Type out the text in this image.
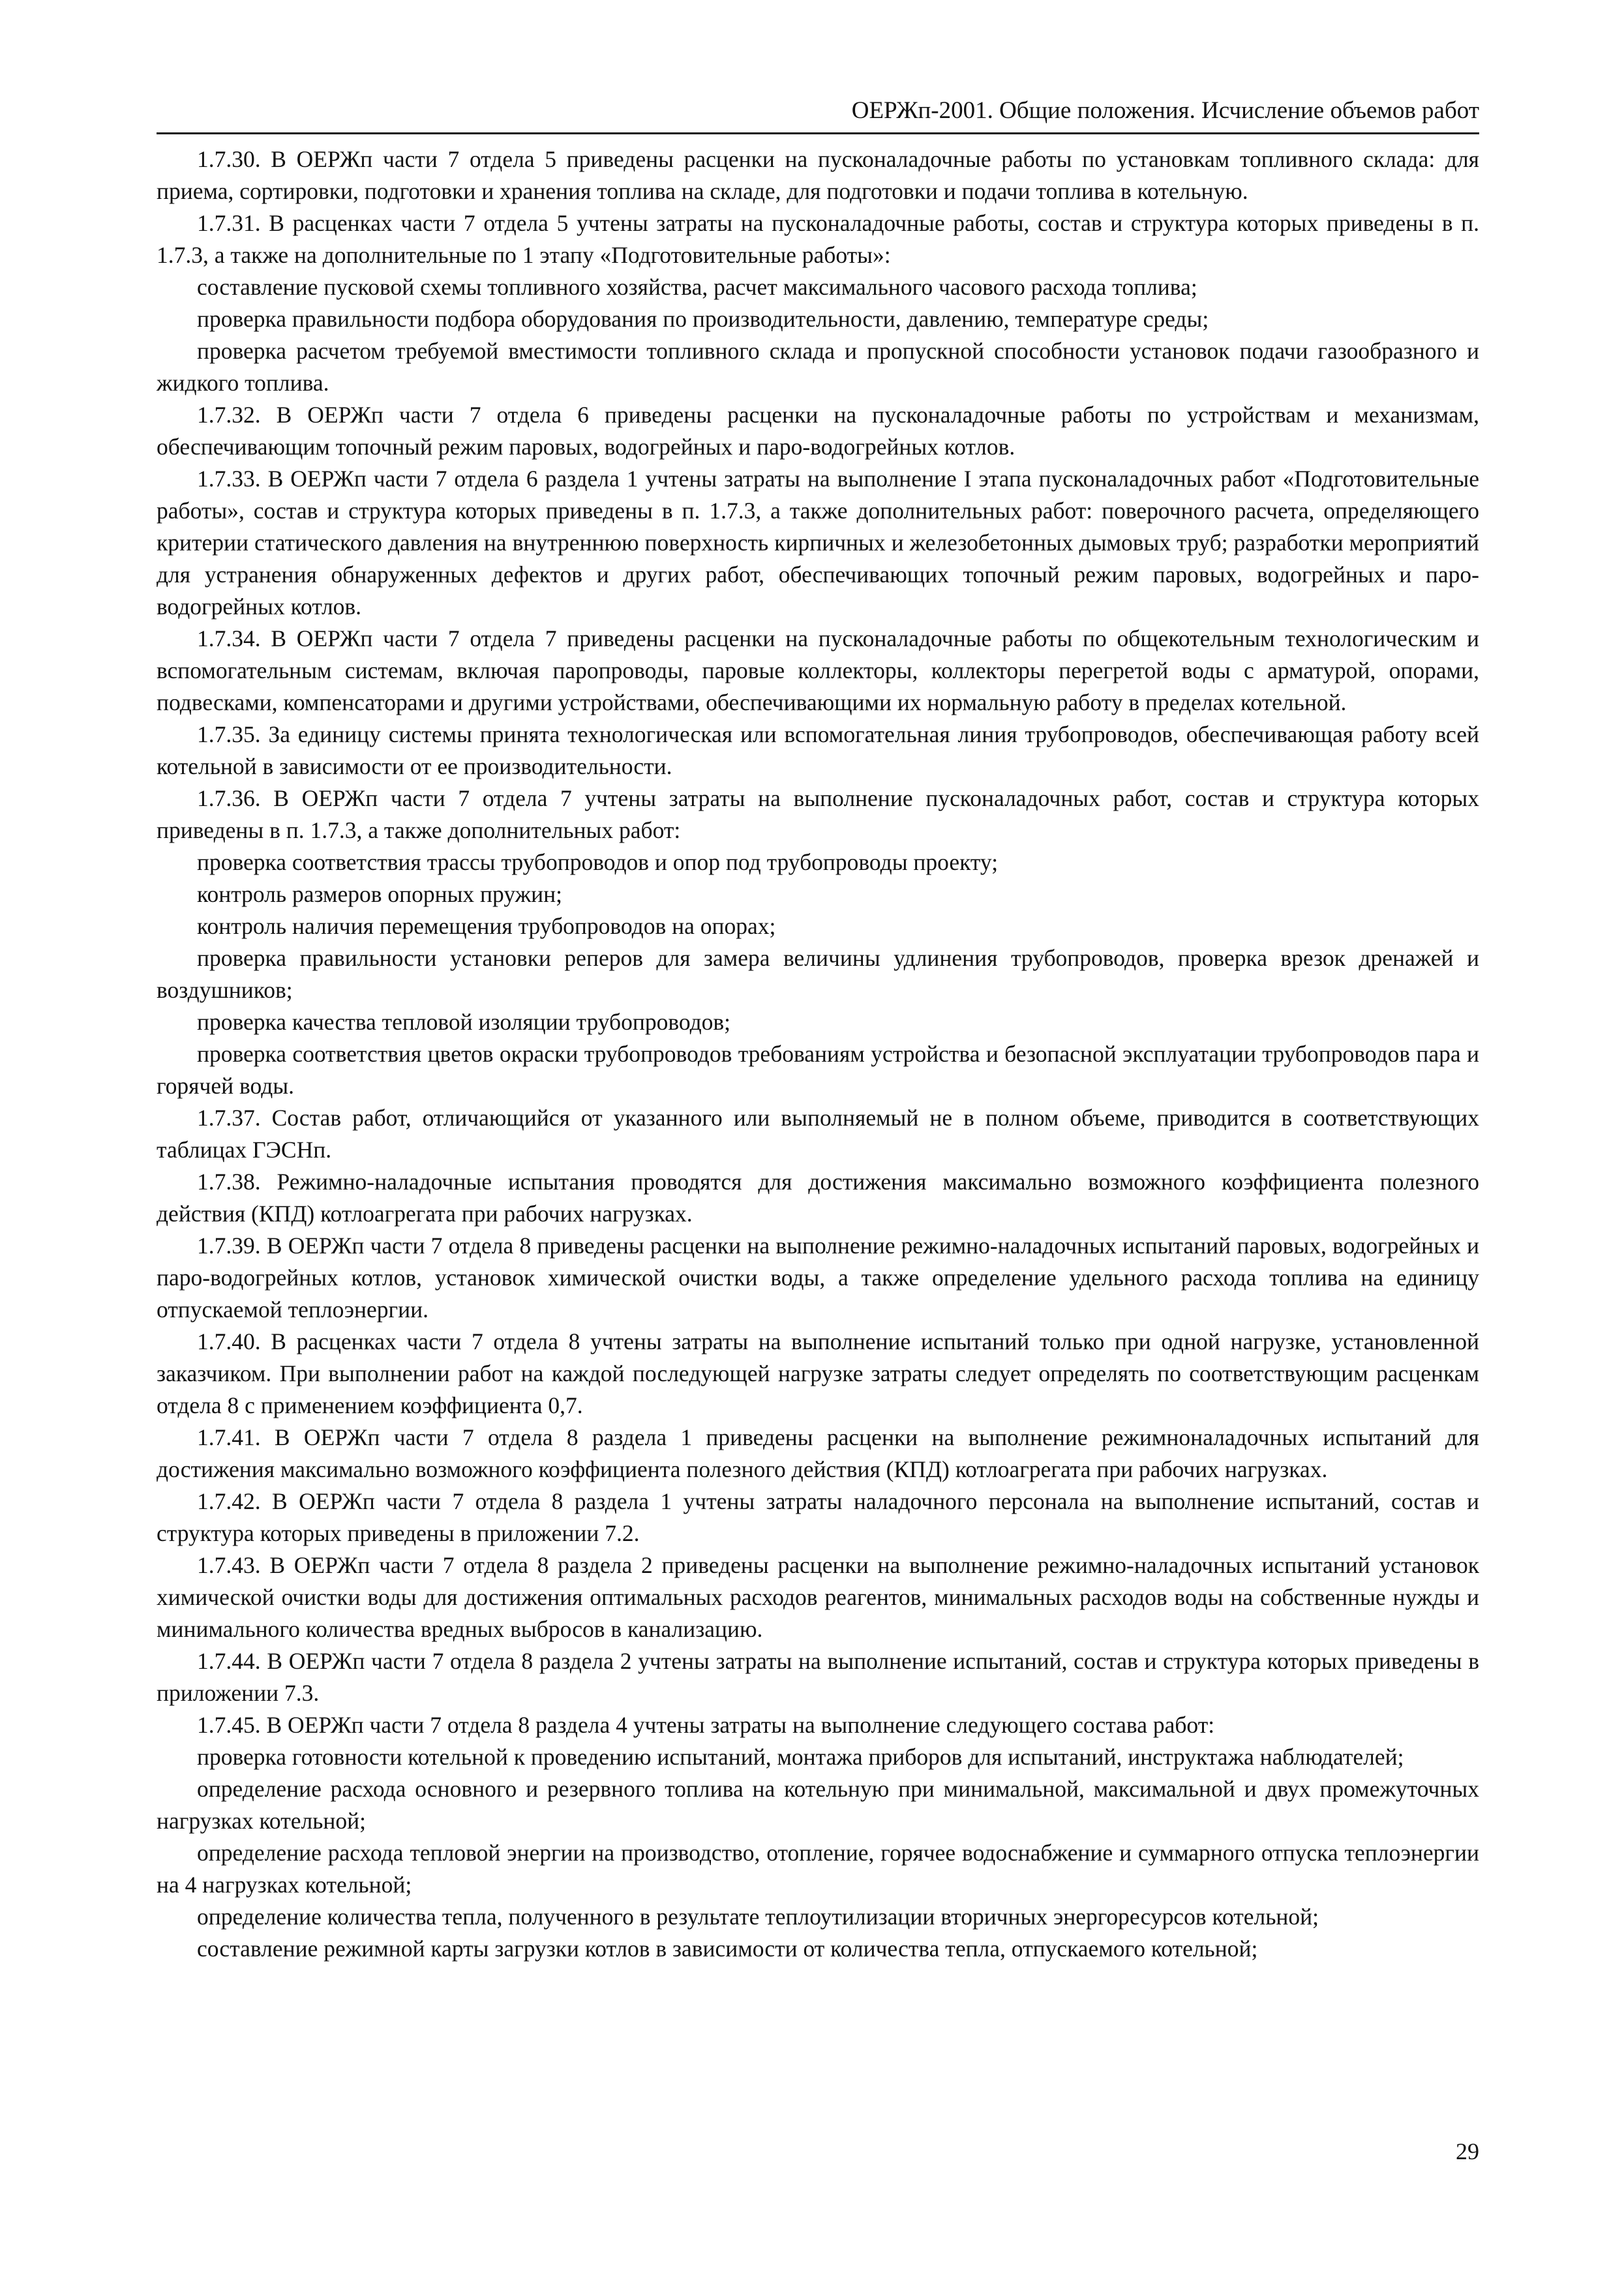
ОЕРЖп-2001. Общие положения. Исчисление объемов работ

1.7.30. В ОЕРЖп части 7 отдела 5 приведены расценки на пусконаладочные работы по установкам топливного склада: для приема, сортировки, подготовки и хранения топлива на складе, для подготовки и подачи топлива в котельную.

1.7.31. В расценках части 7 отдела 5 учтены затраты на пусконаладочные работы, состав и структура которых приведены в п. 1.7.3, а также на дополнительные по 1 этапу «Подготовительные работы»:

составление пусковой схемы топливного хозяйства, расчет максимального часового расхода топлива;

проверка правильности подбора оборудования по производительности, давлению, температуре среды;

проверка расчетом требуемой вместимости топливного склада и пропускной способности установок подачи газообразного и жидкого топлива.

1.7.32. В ОЕРЖп части 7 отдела 6 приведены расценки на пусконаладочные работы по устройствам и механизмам, обеспечивающим топочный режим паровых, водогрейных и паро-водогрейных котлов.

1.7.33. В ОЕРЖп части 7 отдела 6 раздела 1 учтены затраты на выполнение I этапа пусконаладочных работ «Подготовительные работы», состав и структура которых приведены в п. 1.7.3, а также дополнительных работ: поверочного расчета, определяющего критерии статического давления на внутреннюю поверхность кирпичных и железобетонных дымовых труб; разработки мероприятий для устранения обнаруженных дефектов и других работ, обеспечивающих топочный режим паровых, водогрейных и паро-водогрейных котлов.

1.7.34. В ОЕРЖп части 7 отдела 7 приведены расценки на пусконаладочные работы по общекотельным технологическим и вспомогательным системам, включая паропроводы, паровые коллекторы, коллекторы перегретой воды с арматурой, опорами, подвесками, компенсаторами и другими устройствами, обеспечивающими их нормальную работу в пределах котельной.

1.7.35. За единицу системы принята технологическая или вспомогательная линия трубопроводов, обеспечивающая работу всей котельной в зависимости от ее производительности.

1.7.36. В ОЕРЖп части 7 отдела 7 учтены затраты на выполнение пусконаладочных работ, состав и структура которых приведены в п. 1.7.3, а также дополнительных работ:

проверка соответствия трассы трубопроводов и опор под трубопроводы проекту;

контроль размеров опорных пружин;

контроль наличия перемещения трубопроводов на опорах;

проверка правильности установки реперов для замера величины удлинения трубопроводов, проверка врезок дренажей и воздушников;

проверка качества тепловой изоляции трубопроводов;

проверка соответствия цветов окраски трубопроводов требованиям устройства и безопасной эксплуатации трубопроводов пара и горячей воды.

1.7.37. Состав работ, отличающийся от указанного или выполняемый не в полном объеме, приводится в соответствующих таблицах ГЭСНп.

1.7.38. Режимно-наладочные испытания проводятся для достижения максимально возможного коэффициента полезного действия (КПД) котлоагрегата при рабочих нагрузках.

1.7.39. В ОЕРЖп части 7 отдела 8 приведены расценки на выполнение режимно-наладочных испытаний паровых, водогрейных и паро-водогрейных котлов, установок химической очистки воды, а также определение удельного расхода топлива на единицу отпускаемой теплоэнергии.

1.7.40. В расценках части 7 отдела 8 учтены затраты на выполнение испытаний только при одной нагрузке, установленной заказчиком. При выполнении работ на каждой последующей нагрузке затраты следует определять по соответствующим расценкам отдела 8 с применением коэффициента 0,7.

1.7.41. В ОЕРЖп части 7 отдела 8 раздела 1 приведены расценки на выполнение режимноналадочных испытаний для достижения максимально возможного коэффициента полезного действия (КПД) котлоагрегата при рабочих нагрузках.

1.7.42. В ОЕРЖп части 7 отдела 8 раздела 1 учтены затраты наладочного персонала на выполнение испытаний, состав и структура которых приведены в приложении 7.2.

1.7.43. В ОЕРЖп части 7 отдела 8 раздела 2 приведены расценки на выполнение режимно-наладочных испытаний установок химической очистки воды для достижения оптимальных расходов реагентов, минимальных расходов воды на собственные нужды и минимального количества вредных выбросов в канализацию.

1.7.44. В ОЕРЖп части 7 отдела 8 раздела 2 учтены затраты на выполнение испытаний, состав и структура которых приведены в приложении 7.3.

1.7.45. В ОЕРЖп части 7 отдела 8 раздела 4 учтены затраты на выполнение следующего состава работ:

проверка готовности котельной к проведению испытаний, монтажа приборов для испытаний, инструктажа наблюдателей;

определение расхода основного и резервного топлива на котельную при минимальной, максимальной и двух промежуточных нагрузках котельной;

определение расхода тепловой энергии на производство, отопление, горячее водоснабжение и суммарного отпуска теплоэнергии на 4 нагрузках котельной;

определение количества тепла, полученного в результате теплоутилизации вторичных энергоресурсов котельной;

составление режимной карты загрузки котлов в зависимости от количества тепла, отпускаемого котельной;

29
